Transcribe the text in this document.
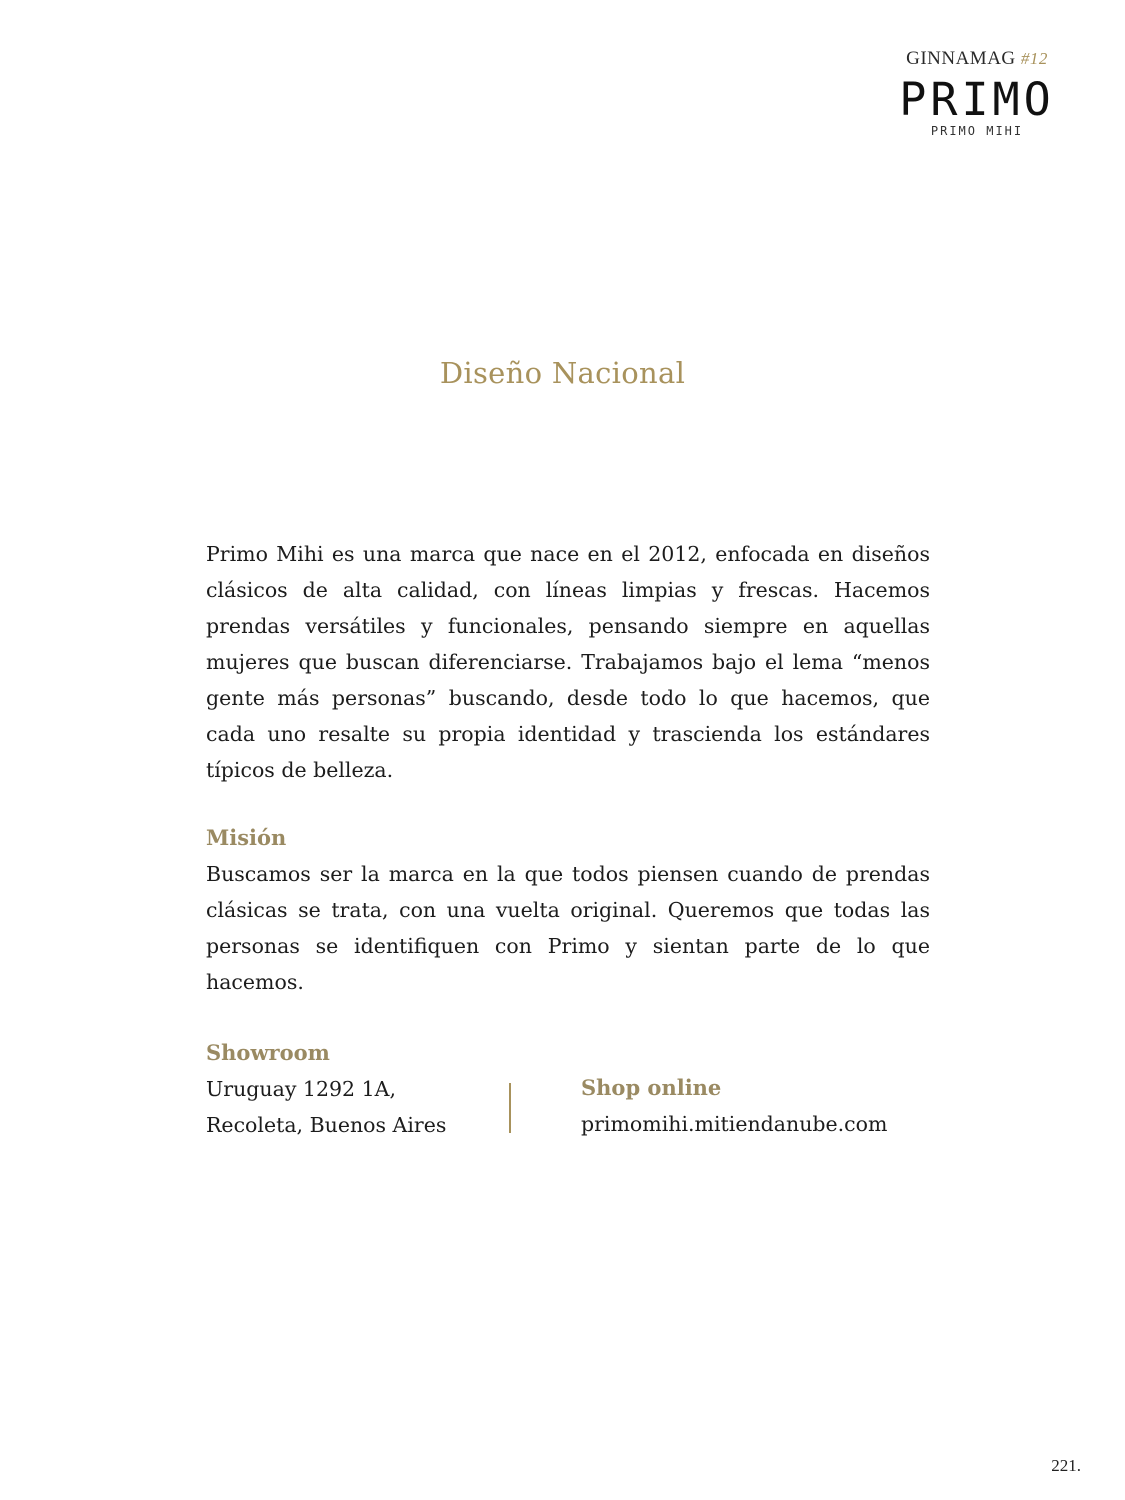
GINNAMAG #12
PRIMO
PRIMO MIHI
Diseño Nacional

Primo Mihi es una marca que nace en el 2012, enfocada en diseños clásicos de alta calidad, con líneas limpias y frescas. Hacemos prendas versátiles y funcionales, pensando siempre en aquellas mujeres que buscan diferenciarse. Trabajamos bajo el lema “menos gente más personas” buscando, desde todo lo que hacemos, que cada uno resalte su propia identidad y trascienda los estándares típicos de belleza.

Misión

Buscamos ser la marca en la que todos piensen cuando de prendas clásicas se trata, con una vuelta original. Queremos que todas las personas se identifiquen con Primo y sientan parte de lo que hacemos.

Showroom
Uruguay 1292 1A,
Recoleta, Buenos Aires
Shop online
primomihi.mitiendanube.com
221.
